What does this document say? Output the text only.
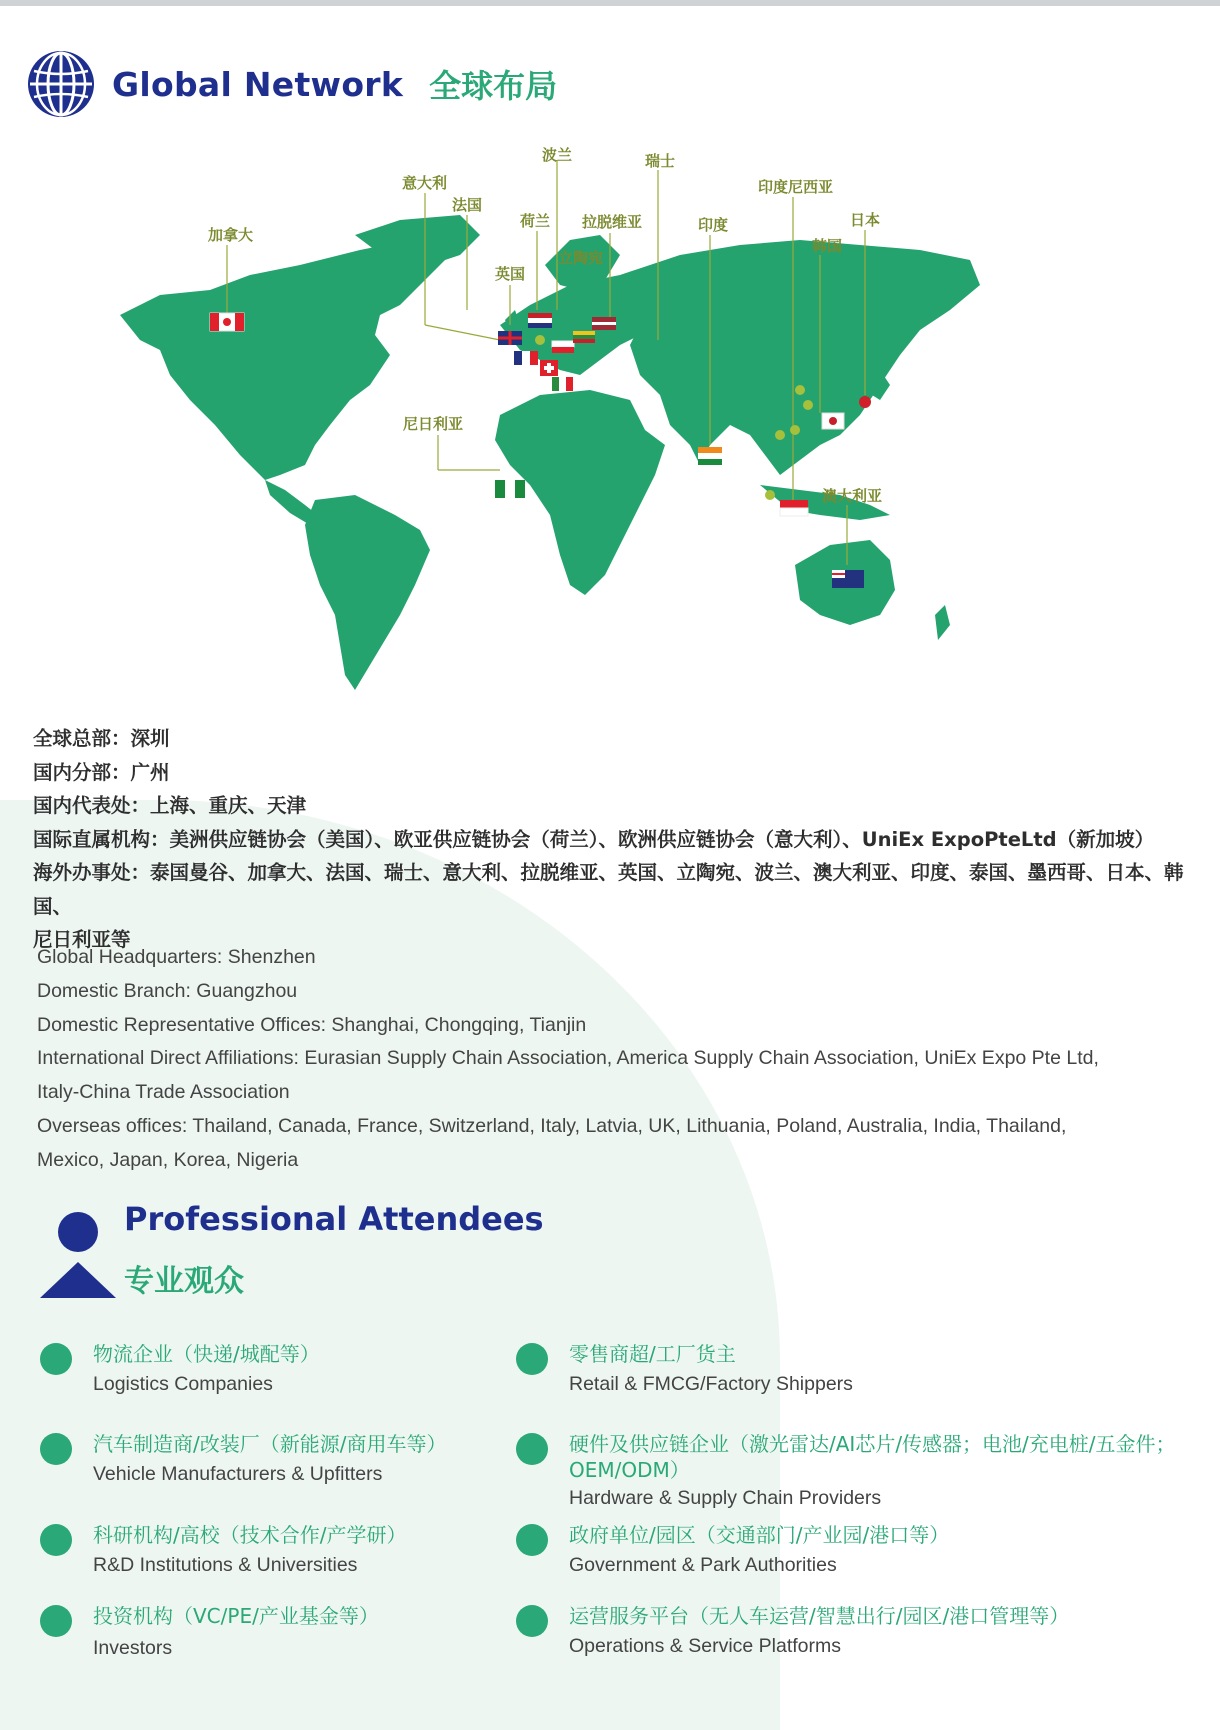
Global Network 全球布局
加拿大
意大利
法国
波兰
荷兰 拉脱维亚
瑞士
印度尼西亚
印度	日本
韩国
立陶宛
英国
尼日利亚
澳大利亚
全球总部：深圳
国内分部：广州
国内代表处：上海、重庆、天津
国际直属机构：美洲供应链协会（美国）、欧亚供应链协会（荷兰）、欧洲供应链协会（意大利）、UniEx ExpoPteLtd（新加坡）
海外办事处：泰国曼谷、加拿大、法国、瑞士、意大利、拉脱维亚、英国、立陶宛、波兰、澳大利亚、印度、泰国、墨西哥、日本、韩国、
尼日利亚等
Global Headquarters: Shenzhen
Domestic Branch: Guangzhou
Domestic Representative Offices: Shanghai, Chongqing, Tianjin
International Direct Affiliations: Eurasian Supply Chain Association, America Supply Chain Association, UniEx Expo Pte Ltd,
Italy-China Trade Association
Overseas offices: Thailand, Canada, France, Switzerland, Italy, Latvia, UK, Lithuania, Poland, Australia, India, Thailand,
Mexico, Japan, Korea, Nigeria
Professional Attendees
专业观众
物流企业（快递/城配等）
Logistics Companies
零售商超/工厂货主
Retail & FMCG/Factory Shippers
汽车制造商/改装厂（新能源/商用车等）
Vehicle Manufacturers & Upfitters
硬件及供应链企业（激光雷达/AI芯片/传感器；电池/充电桩/五金件；
OEM/ODM）
Hardware & Supply Chain Providers
科研机构/高校（技术合作/产学研）
R&D Institutions & Universities
政府单位/园区（交通部门/产业园/港口等）
Government & Park Authorities
投资机构（VC/PE/产业基金等）
Investors
运营服务平台（无人车运营/智慧出行/园区/港口管理等）
Operations & Service Platforms
